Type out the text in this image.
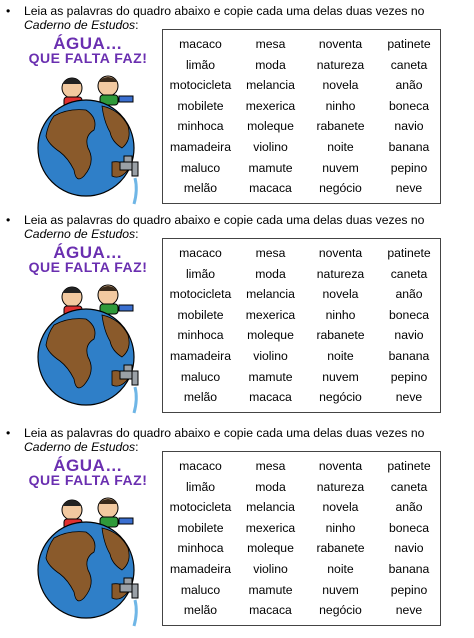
•	Leia as palavras do quadro abaixo e copie cada uma delas duas vezes no Caderno de Estudos:
ÁGUA…
QUE FALTA FAZ!
macaco	mesa	noventa	patinete
limão	moda	natureza	caneta
motocicleta	melancia	novela	anão
mobilete	mexerica	ninho	boneca
minhoca	moleque	rabanete	navio
mamadeira	violino	noite	banana
maluco	mamute	nuvem	pepino
melão	macaca	negócio	neve
•	Leia as palavras do quadro abaixo e copie cada uma delas duas vezes no Caderno de Estudos:
ÁGUA…
QUE FALTA FAZ!
macaco	mesa	noventa	patinete
limão	moda	natureza	caneta
motocicleta	melancia	novela	anão
mobilete	mexerica	ninho	boneca
minhoca	moleque	rabanete	navio
mamadeira	violino	noite	banana
maluco	mamute	nuvem	pepino
melão	macaca	negócio	neve
•	Leia as palavras do quadro abaixo e copie cada uma delas duas vezes no Caderno de Estudos:
ÁGUA…
QUE FALTA FAZ!
macaco	mesa	noventa	patinete
limão	moda	natureza	caneta
motocicleta	melancia	novela	anão
mobilete	mexerica	ninho	boneca
minhoca	moleque	rabanete	navio
mamadeira	violino	noite	banana
maluco	mamute	nuvem	pepino
melão	macaca	negócio	neve
